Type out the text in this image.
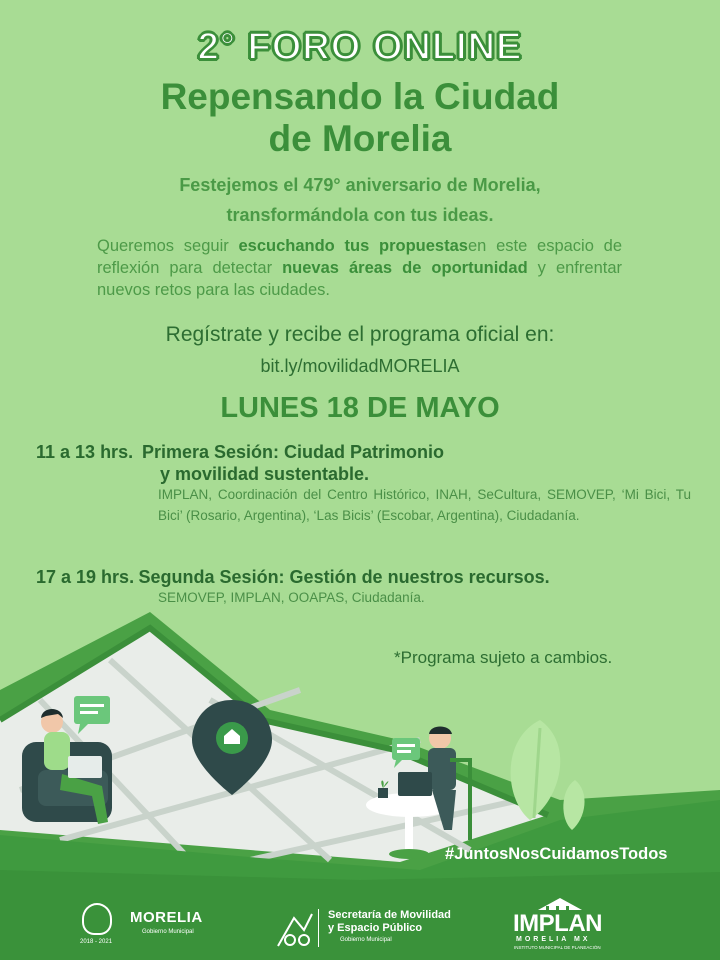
2° FORO ONLINE
Repensando la Ciudad
de Morelia
Festejemos el 479° aniversario de Morelia,
transformándola con tus ideas.

Queremos seguir escuchando tus propuestasen este espacio de reflexión para detectar nuevas áreas de oportunidad y enfrentar nuevos retos para las ciudades.

Regístrate y recibe el programa oficial en:
bit.ly/movilidadMORELIA
LUNES 18 DE MAYO
11 a 13 hrs. Primera Sesión: Ciudad Patrimonio
y movilidad sustentable.
IMPLAN, Coordinación del Centro Histórico, INAH, SeCultura, SEMOVEP, ‘Mi Bici, Tu Bici’ (Rosario, Argentina), ‘Las Bicis’ (Escobar, Argentina), Ciudadanía.
17 a 19 hrs. Segunda Sesión: Gestión de nuestros recursos.
SEMOVEP, IMPLAN, OOAPAS, Ciudadanía.
*Programa sujeto a cambios.
#JuntosNosCuidamosTodos
2018 - 2021
MORELIA
Gobierno Municipal
Secretaría de Movilidad
y Espacio Público
Gobierno Municipal
IMPLAN
MORELIA MX
INSTITUTO MUNICIPAL DE PLANEACIÓN
